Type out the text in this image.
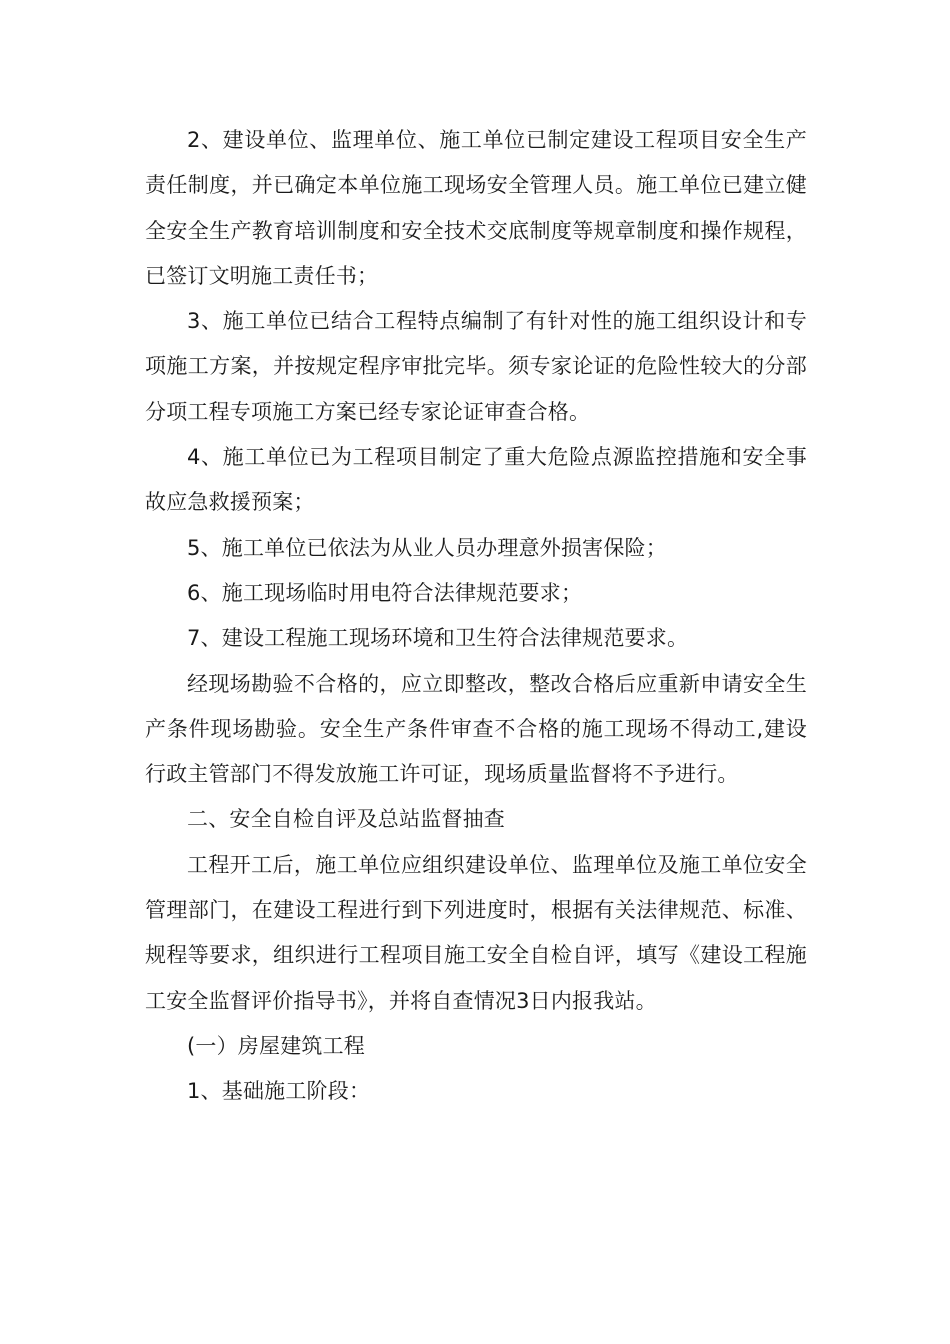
2、建设单位、监理单位、施工单位已制定建设工程项目安全生产责任制度，并已确定本单位施工现场安全管理人员。施工单位已建立健全安全生产教育培训制度和安全技术交底制度等规章制度和操作规程，已签订文明施工责任书；

3、施工单位已结合工程特点编制了有针对性的施工组织设计和专项施工方案，并按规定程序审批完毕。须专家论证的危险性较大的分部分项工程专项施工方案已经专家论证审查合格。

4、施工单位已为工程项目制定了重大危险点源监控措施和安全事故应急救援预案；

5、施工单位已依法为从业人员办理意外损害保险；

6、施工现场临时用电符合法律规范要求；

7、建设工程施工现场环境和卫生符合法律规范要求。

经现场勘验不合格的，应立即整改，整改合格后应重新申请安全生产条件现场勘验。安全生产条件审查不合格的施工现场不得动工,建设行政主管部门不得发放施工许可证，现场质量监督将不予进行。

二、安全自检自评及总站监督抽查

工程开工后，施工单位应组织建设单位、监理单位及施工单位安全管理部门，在建设工程进行到下列进度时，根据有关法律规范、标准、规程等要求，组织进行工程项目施工安全自检自评，填写《建设工程施工安全监督评价指导书》，并将自查情况3日内报我站。

(一）房屋建筑工程

1、基础施工阶段：
